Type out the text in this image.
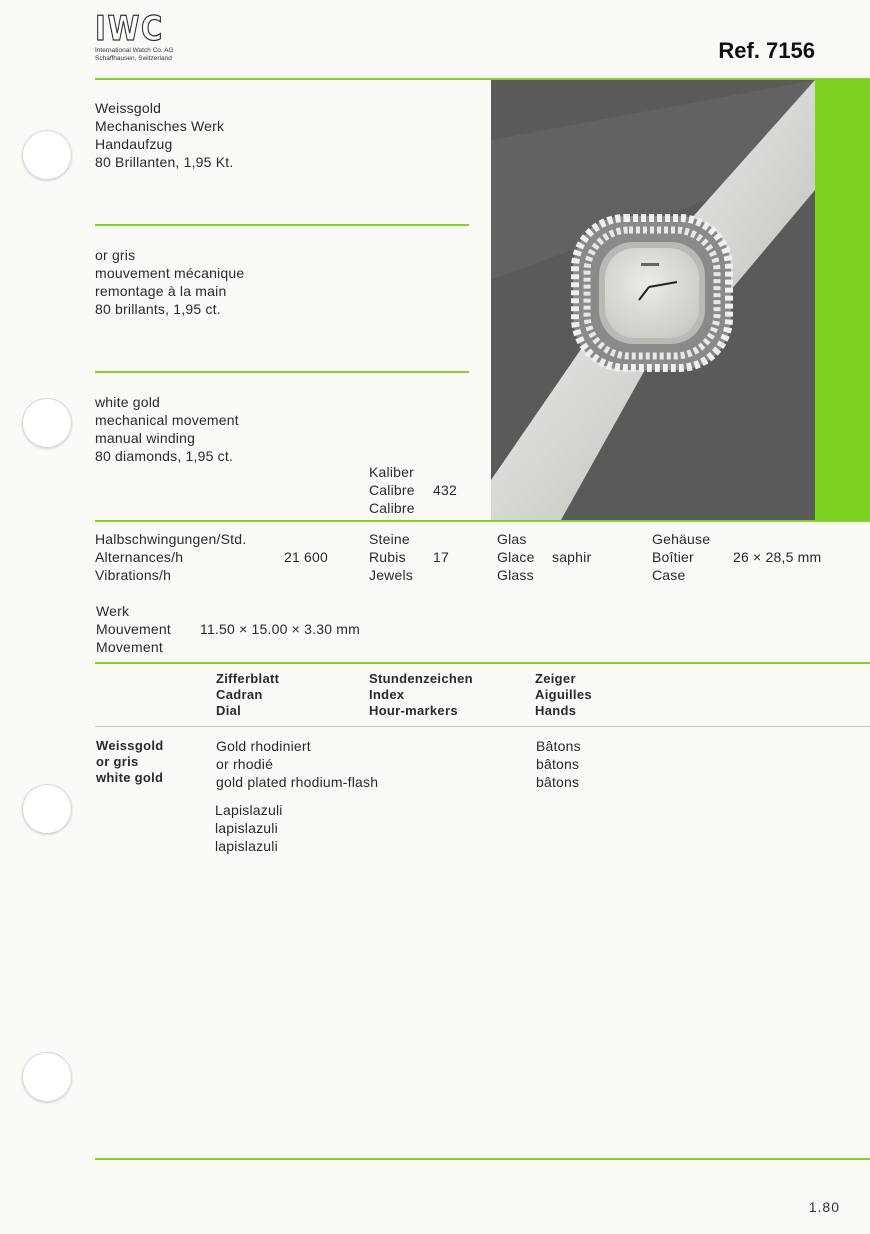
IWC
International Watch Co. AG
Schaffhausen, Switzerland	Ref. 7156
Weissgold
Mechanisches Werk
Handaufzug
80 Brillanten, 1,95 Kt.
or gris
mouvement mécanique
remontage à la main
80 brillants, 1,95 ct.
white gold
mechanical movement
manual winding
80 diamonds, 1,95 ct.
Kaliber
Calibre
Calibre
432
Halbschwingungen/Std.
Alternances/h
Vibrations/h
21 600
Steine
Rubis
Jewels
17
Glas
Glace
Glass
saphir
Gehäuse
Boîtier
Case
26 × 28,5 mm
Werk
Mouvement
Movement
11.50 × 15.00 × 3.30 mm
Zifferblatt
Cadran
Dial
Stundenzeichen
Index
Hour-markers
Zeiger
Aiguilles
Hands
Weissgold
or gris
white gold
Gold rhodiniert
or rhodié
gold plated rhodium-flash
Lapislazuli
lapislazuli
lapislazuli
Bâtons
bâtons
bâtons
1.80
